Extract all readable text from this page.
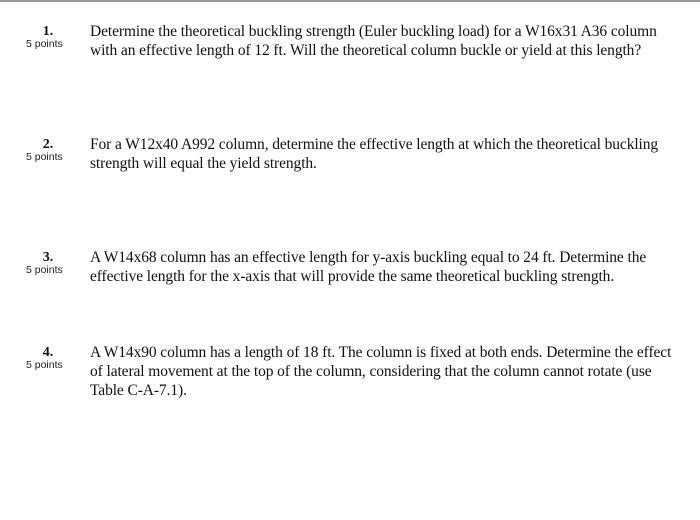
1.
5 points
Determine the theoretical buckling strength (Euler buckling load) for a W16x31 A36 column with an effective length of 12 ft. Will the theoretical column buckle or yield at this length?
2.
5 points
For a W12x40 A992 column, determine the effective length at which the theoretical buckling strength will equal the yield strength.
3.
5 points
A W14x68 column has an effective length for y-axis buckling equal to 24 ft. Determine the effective length for the x-axis that will provide the same theoretical buckling strength.
4.
5 points
A W14x90 column has a length of 18 ft. The column is fixed at both ends. Determine the effect of lateral movement at the top of the column, considering that the column cannot rotate (use Table C-A-7.1).
